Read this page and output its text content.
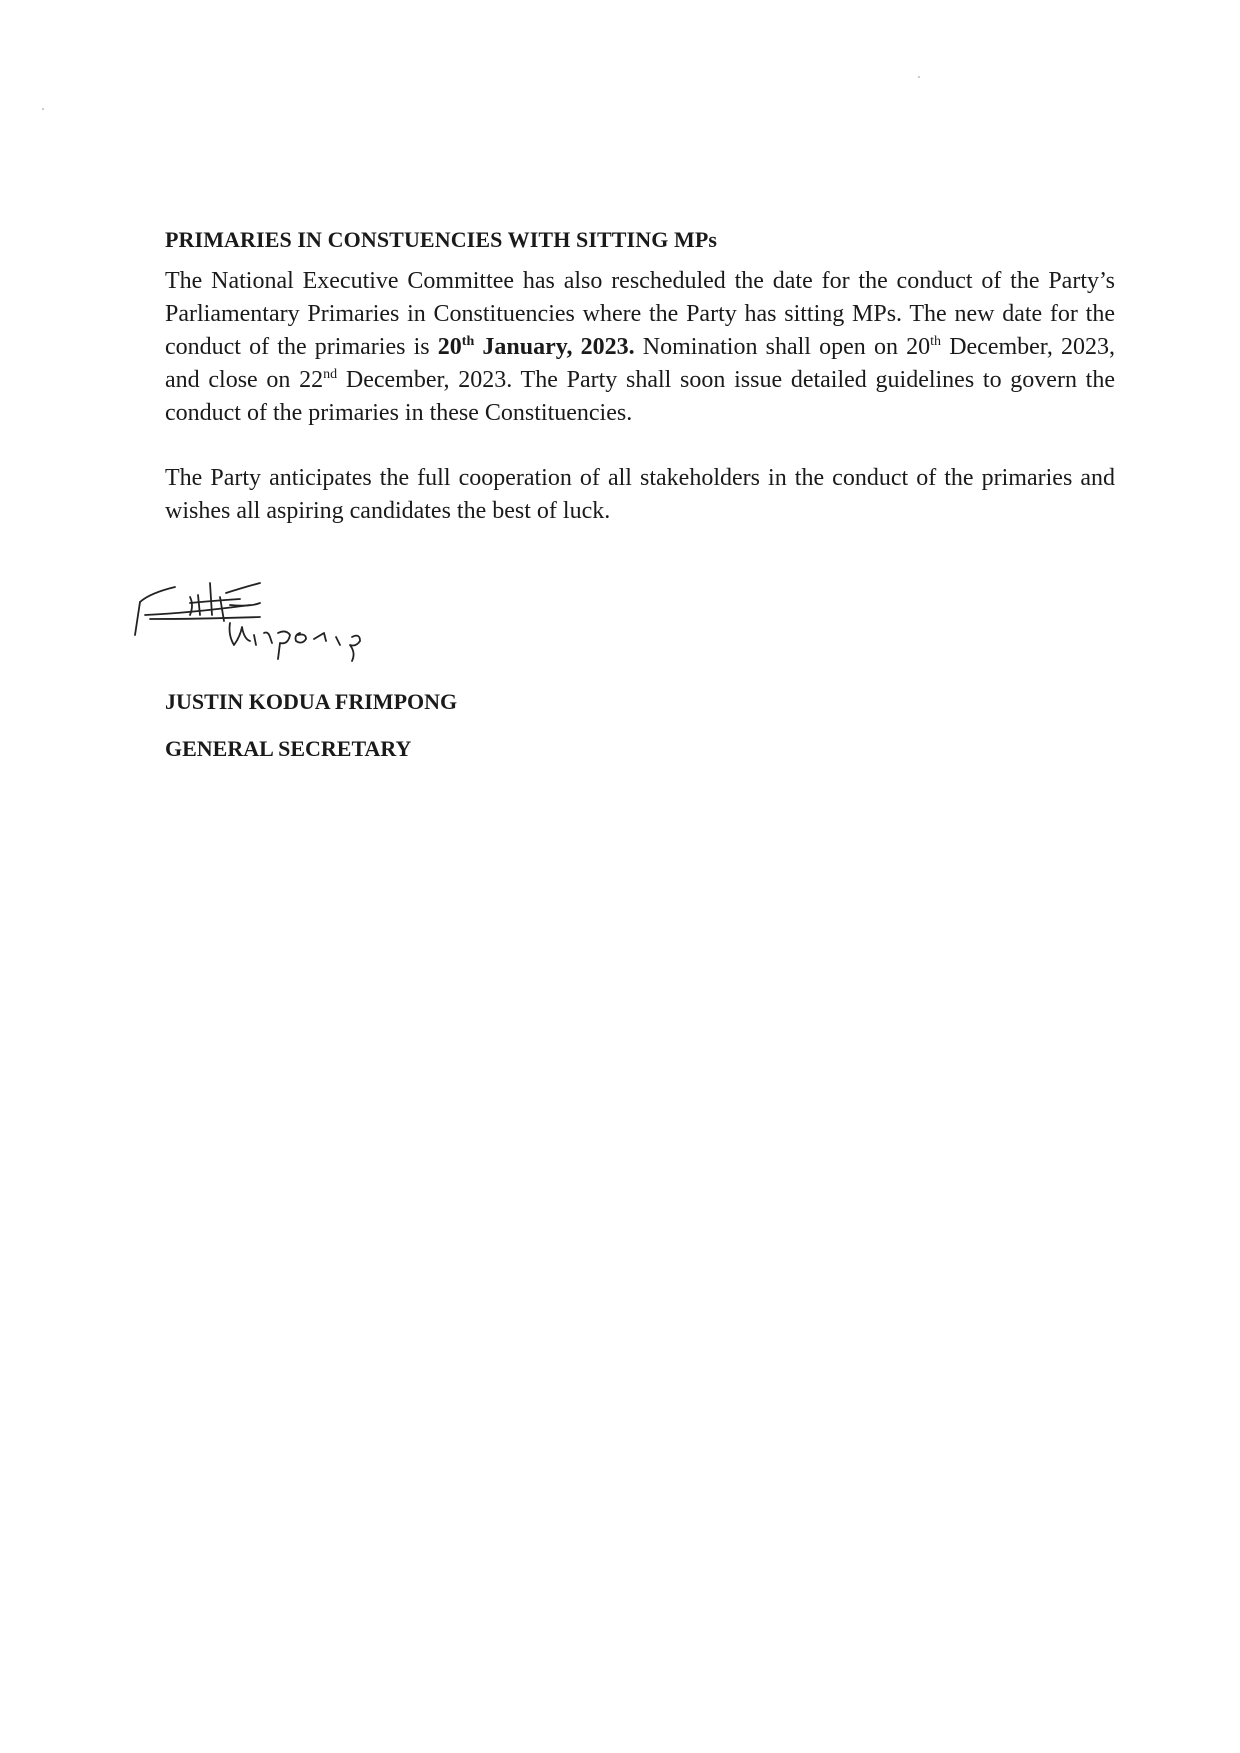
PRIMARIES IN CONSTUENCIES WITH SITTING MPs

The National Executive Committee has also rescheduled the date for the conduct of the Party’s Parliamentary Primaries in Constituencies where the Party has sitting MPs. The new date for the conduct of the primaries is 20th January, 2023. Nomination shall open on 20th December, 2023, and close on 22nd December, 2023. The Party shall soon issue detailed guidelines to govern the conduct of the primaries in these Constituencies.

The Party anticipates the full cooperation of all stakeholders in the conduct of the primaries and wishes all aspiring candidates the best of luck.

JUSTIN KODUA FRIMPONG

GENERAL SECRETARY
